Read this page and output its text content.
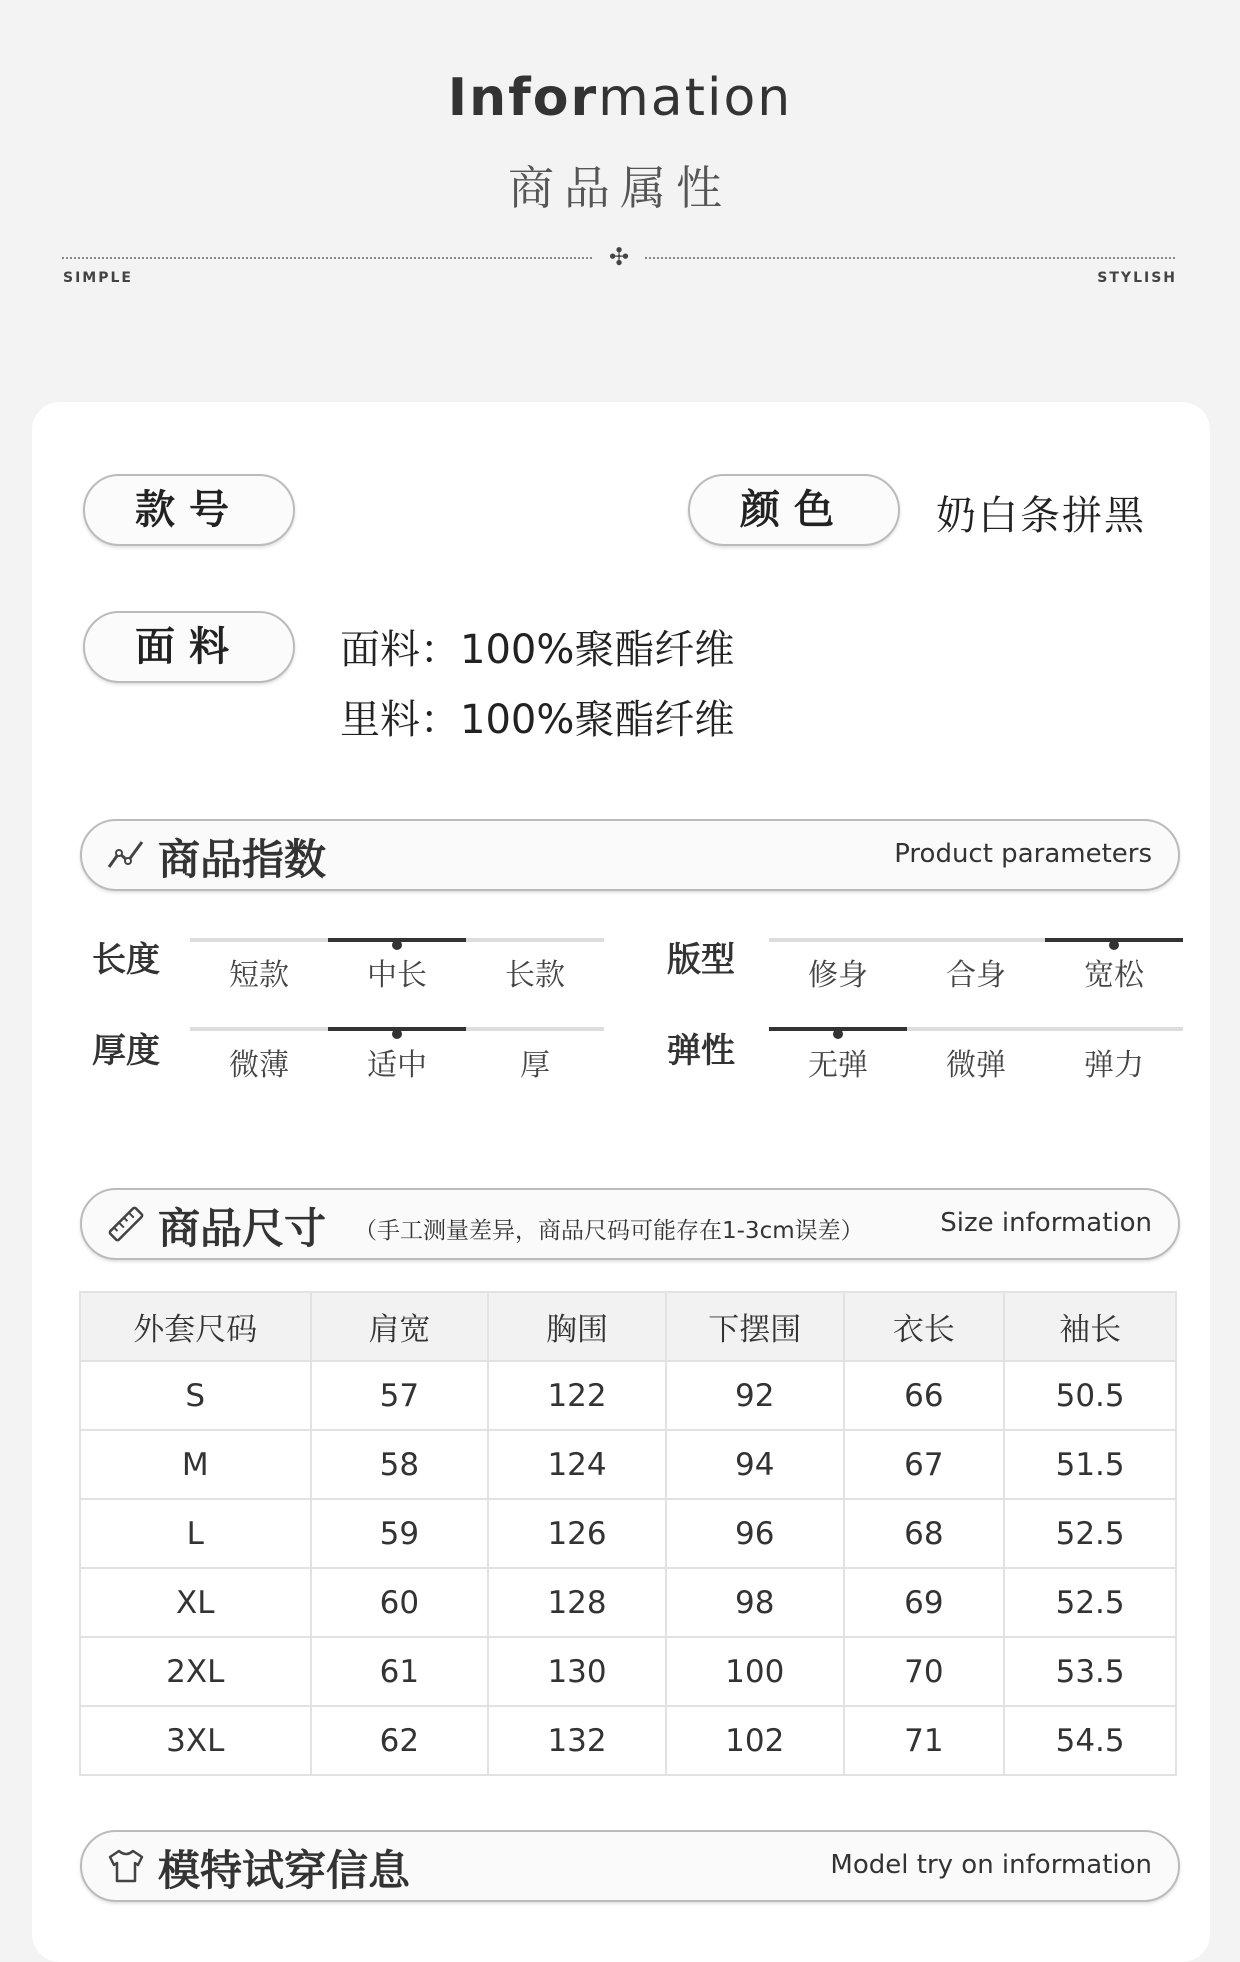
Information
商品属性
✣
SIMPLE	STYLISH
款号	颜色	奶白条拼黑
面料	面料：100%聚酯纤维
里料：100%聚酯纤维
商品指数	Product parameters
长度	短款	中长	长款	版型	修身	合身	宽松
厚度	微薄	适中	厚	弹性	无弹	微弹	弹力
商品尺寸 （手工测量差异，商品尺码可能存在1-3cm误差）	Size information
外套尺码	肩宽	胸围	下摆围	衣长	袖长
S	57	122	92	66	50.5
M	58	124	94	67	51.5
L	59	126	96	68	52.5
XL	60	128	98	69	52.5
2XL	61	130	100	70	53.5
3XL	62	132	102	71	54.5
模特试穿信息	Model try on information
